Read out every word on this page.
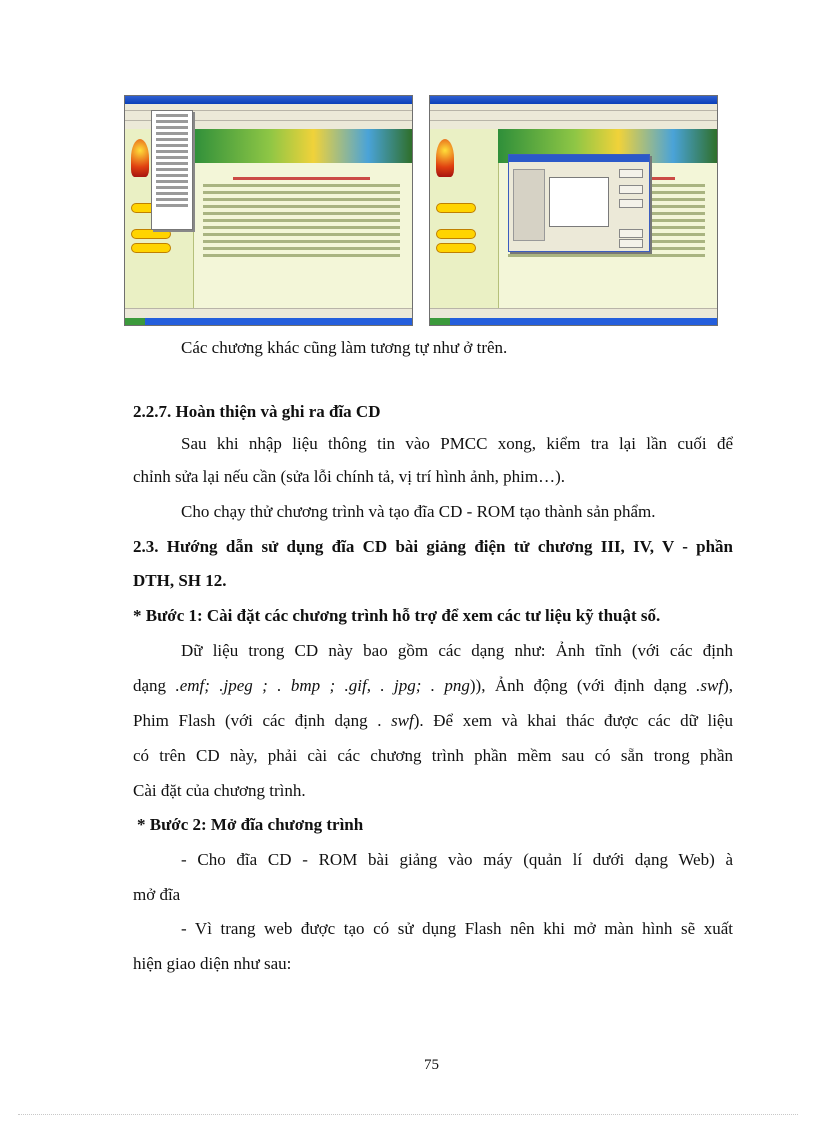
Các chương khác cũng làm tương tự như ở trên.

2.2.7. Hoàn thiện và ghi ra đĩa CD

Sau khi nhập liệu thông tin vào PMCC xong, kiểm tra lại lần cuối để

chỉnh sửa lại nếu cần (sửa lỗi chính tả, vị trí hình ảnh, phim…).

Cho chạy thử chương trình và tạo đĩa CD - ROM tạo thành sản phẩm.

2.3. Hướng dẫn sử dụng đĩa CD bài giảng điện tử chương III, IV, V - phần

DTH, SH 12.

* Bước 1: Cài đặt các chương trình hỗ trợ để xem các tư liệu kỹ thuật số.

Dữ liệu trong CD này bao gồm các dạng như: Ảnh tĩnh (với các định

dạng .emf; .jpeg ; . bmp ; .gif, . jpg; . png)), Ảnh động (với định dạng .swf),

Phim Flash (với các định dạng . swf). Để xem và khai thác được các dữ liệu

có trên CD này, phải cài các chương trình phần mềm sau có sẵn trong phần

Cài đặt của chương trình.

* Bước 2: Mở đĩa chương trình

- Cho đĩa CD - ROM bài giảng vào máy (quản lí dưới dạng Web) à

mở đĩa

- Vì trang web được tạo có sử dụng Flash nên khi mở màn hình sẽ xuất

hiện giao diện như sau:

75
